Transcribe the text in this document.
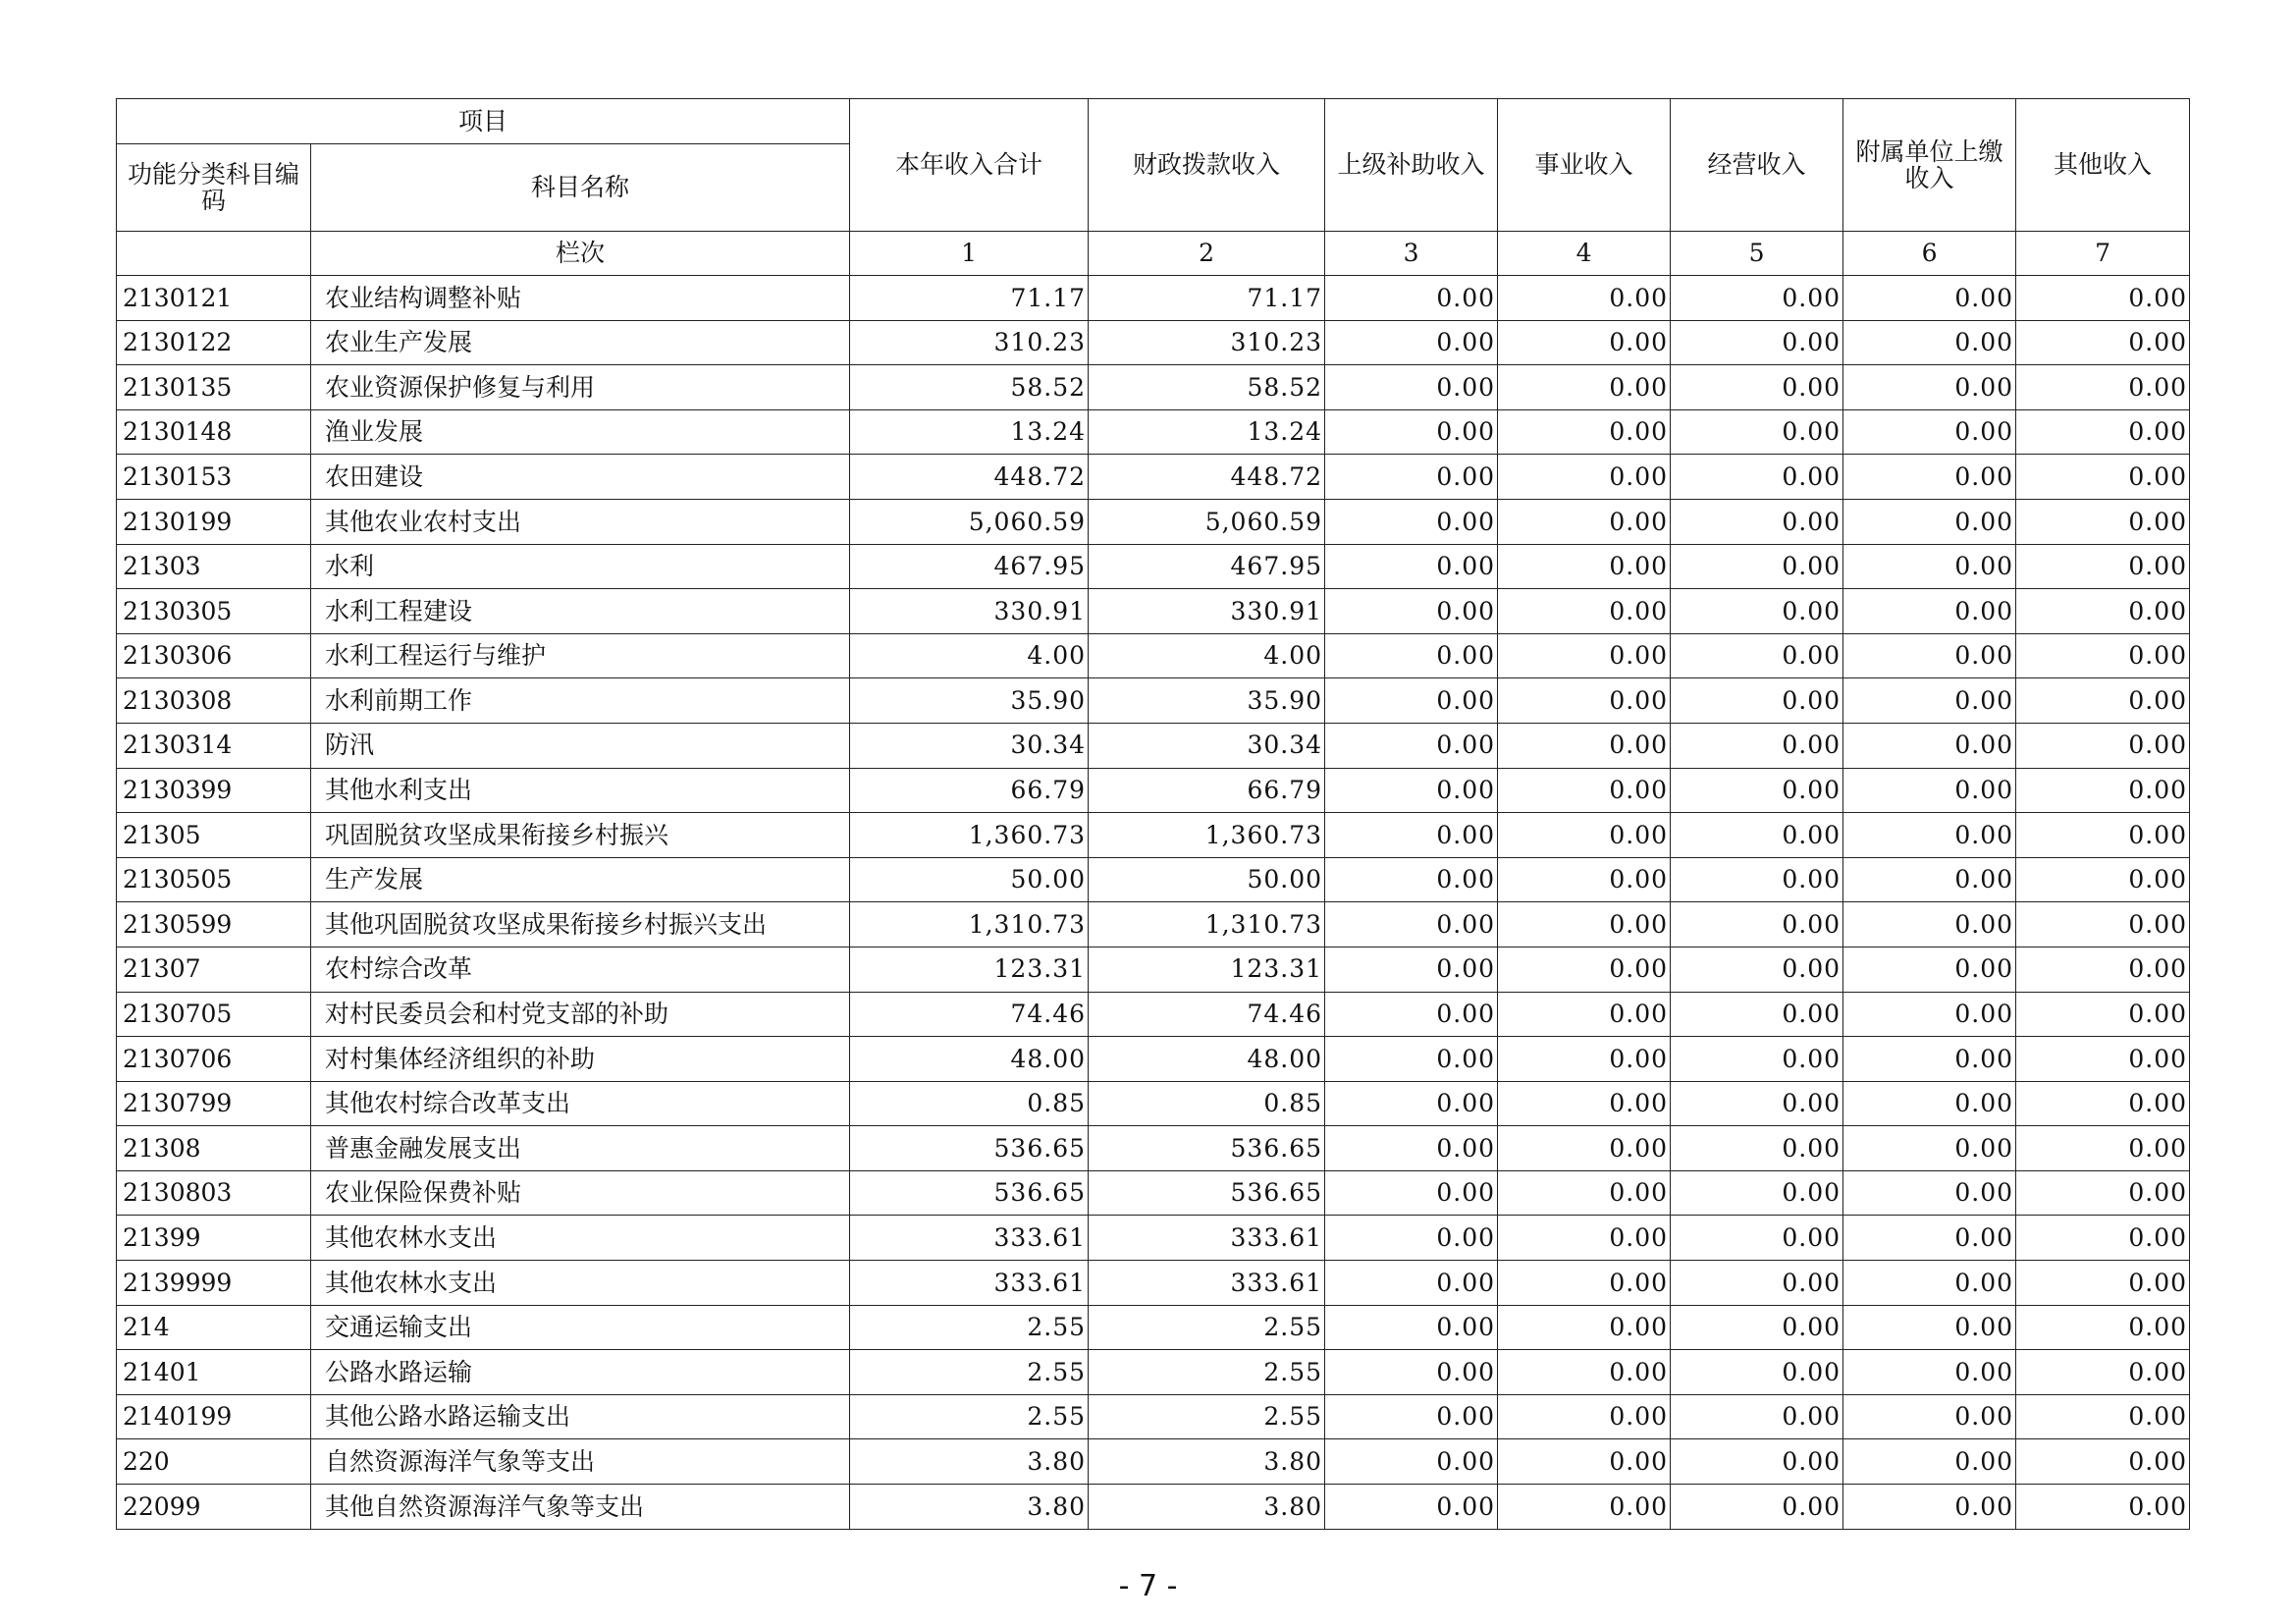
项目		本年收入合计	财政拨款收入	上级补助收入	事业收入	经营收入	附属单位上缴收入	其他收入
功能分类科目编码	科目名称							
	栏次	1	2	3	4	5	6	7
2130121	农业结构调整补贴	71.17	71.17	0.00	0.00	0.00	0.00	0.00
2130122	农业生产发展	310.23	310.23	0.00	0.00	0.00	0.00	0.00
2130135	农业资源保护修复与利用	58.52	58.52	0.00	0.00	0.00	0.00	0.00
2130148	渔业发展	13.24	13.24	0.00	0.00	0.00	0.00	0.00
2130153	农田建设	448.72	448.72	0.00	0.00	0.00	0.00	0.00
2130199	其他农业农村支出	5,060.59	5,060.59	0.00	0.00	0.00	0.00	0.00
21303	水利	467.95	467.95	0.00	0.00	0.00	0.00	0.00
2130305	水利工程建设	330.91	330.91	0.00	0.00	0.00	0.00	0.00
2130306	水利工程运行与维护	4.00	4.00	0.00	0.00	0.00	0.00	0.00
2130308	水利前期工作	35.90	35.90	0.00	0.00	0.00	0.00	0.00
2130314	防汛	30.34	30.34	0.00	0.00	0.00	0.00	0.00
2130399	其他水利支出	66.79	66.79	0.00	0.00	0.00	0.00	0.00
21305	巩固脱贫攻坚成果衔接乡村振兴	1,360.73	1,360.73	0.00	0.00	0.00	0.00	0.00
2130505	生产发展	50.00	50.00	0.00	0.00	0.00	0.00	0.00
2130599	其他巩固脱贫攻坚成果衔接乡村振兴支出	1,310.73	1,310.73	0.00	0.00	0.00	0.00	0.00
21307	农村综合改革	123.31	123.31	0.00	0.00	0.00	0.00	0.00
2130705	对村民委员会和村党支部的补助	74.46	74.46	0.00	0.00	0.00	0.00	0.00
2130706	对村集体经济组织的补助	48.00	48.00	0.00	0.00	0.00	0.00	0.00
2130799	其他农村综合改革支出	0.85	0.85	0.00	0.00	0.00	0.00	0.00
21308	普惠金融发展支出	536.65	536.65	0.00	0.00	0.00	0.00	0.00
2130803	农业保险保费补贴	536.65	536.65	0.00	0.00	0.00	0.00	0.00
21399	其他农林水支出	333.61	333.61	0.00	0.00	0.00	0.00	0.00
2139999	其他农林水支出	333.61	333.61	0.00	0.00	0.00	0.00	0.00
214	交通运输支出	2.55	2.55	0.00	0.00	0.00	0.00	0.00
21401	公路水路运输	2.55	2.55	0.00	0.00	0.00	0.00	0.00
2140199	其他公路水路运输支出	2.55	2.55	0.00	0.00	0.00	0.00	0.00
220	自然资源海洋气象等支出	3.80	3.80	0.00	0.00	0.00	0.00	0.00
22099	其他自然资源海洋气象等支出	3.80	3.80	0.00	0.00	0.00	0.00	0.00
- 7 -
